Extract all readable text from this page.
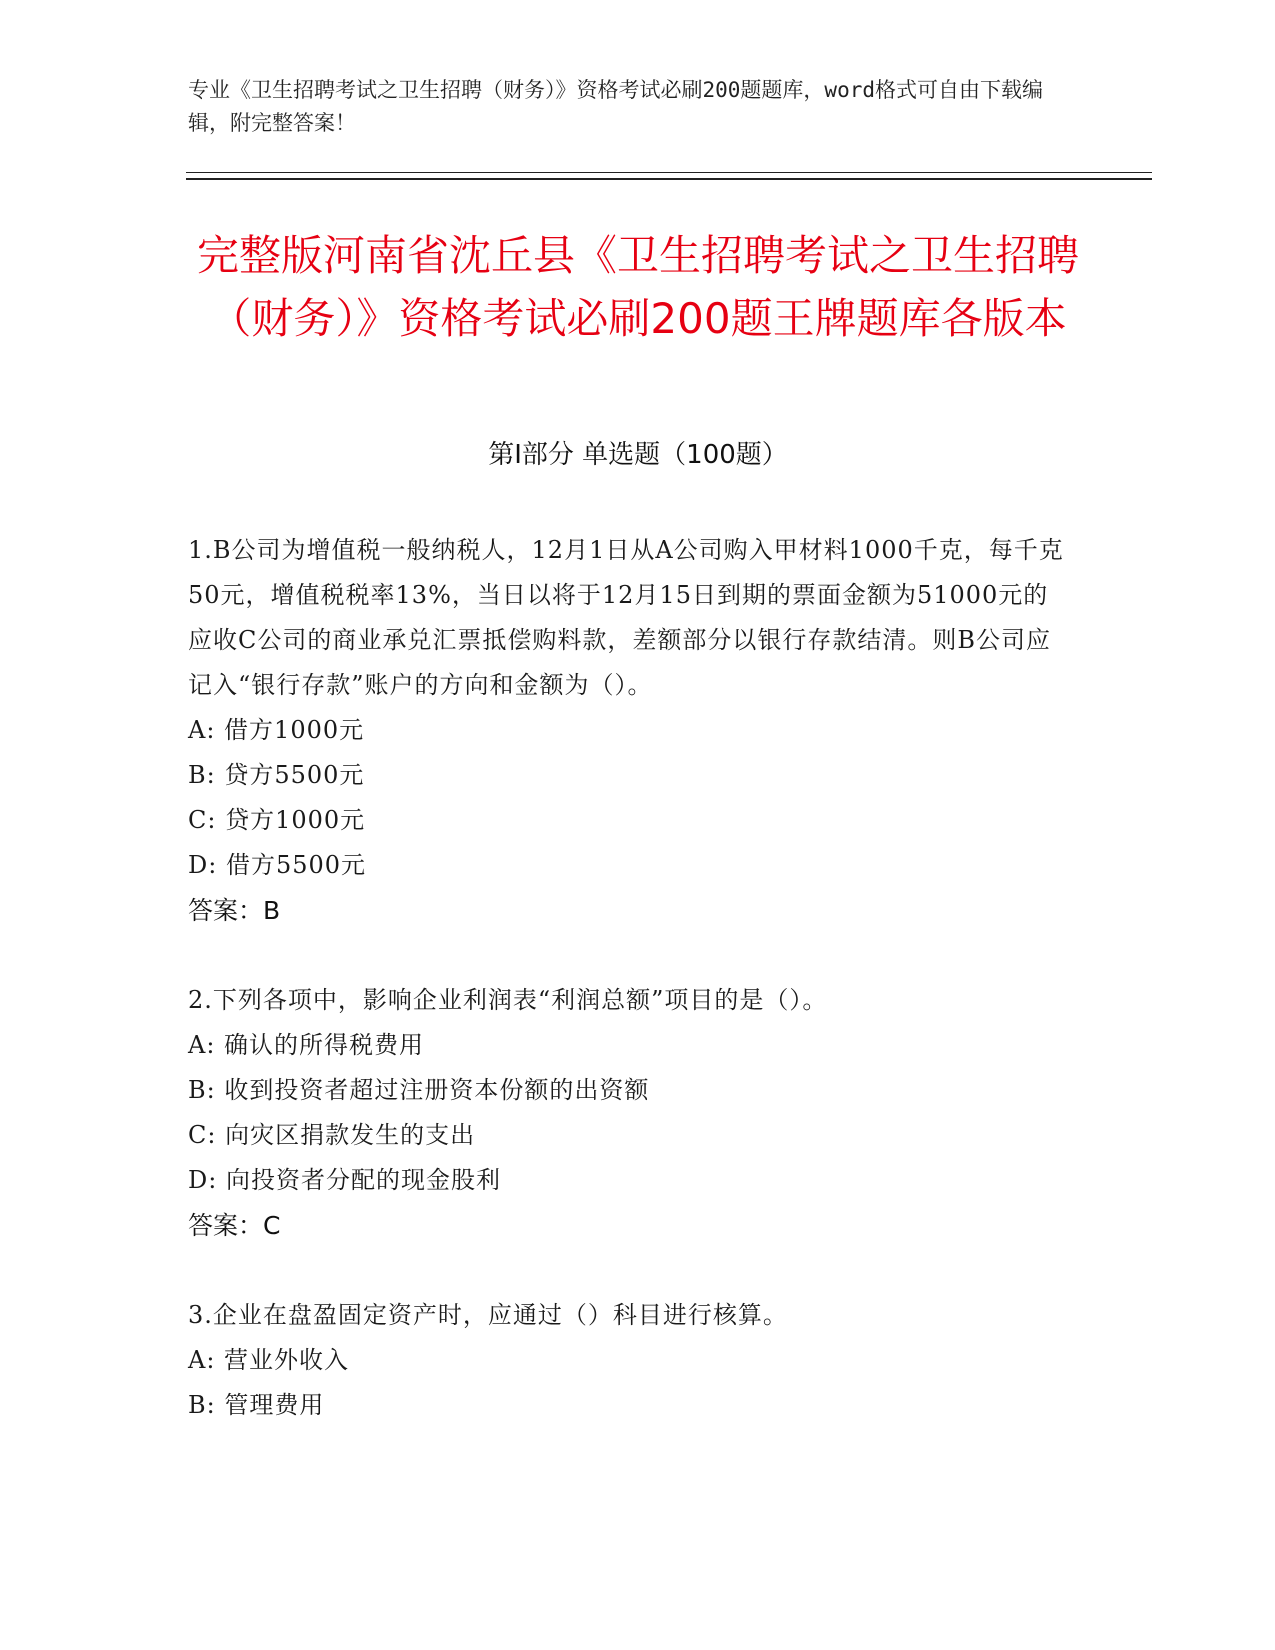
专业《卫生招聘考试之卫生招聘（财务）》资格考试必刷200题题库，word格式可自由下载编辑，附完整答案！
完整版河南省沈丘县《卫生招聘考试之卫生招聘（财务）》资格考试必刷200题王牌题库各版本
第Ⅰ部分 单选题（100题）
1.B公司为增值税一般纳税人，12月1日从A公司购入甲材料1000千克，每千克50元，增值税税率13%，当日以将于12月15日到期的票面金额为51000元的应收C公司的商业承兑汇票抵偿购料款，差额部分以银行存款结清。则B公司应记入“银行存款”账户的方向和金额为（）。
A: 借方1000元
B: 贷方5500元
C: 贷方1000元
D: 借方5500元
答案：B
2.下列各项中，影响企业利润表“利润总额”项目的是（）。
A: 确认的所得税费用
B: 收到投资者超过注册资本份额的出资额
C: 向灾区捐款发生的支出
D: 向投资者分配的现金股利
答案：C
3.企业在盘盈固定资产时，应通过（）科目进行核算。
A: 营业外收入
B: 管理费用
